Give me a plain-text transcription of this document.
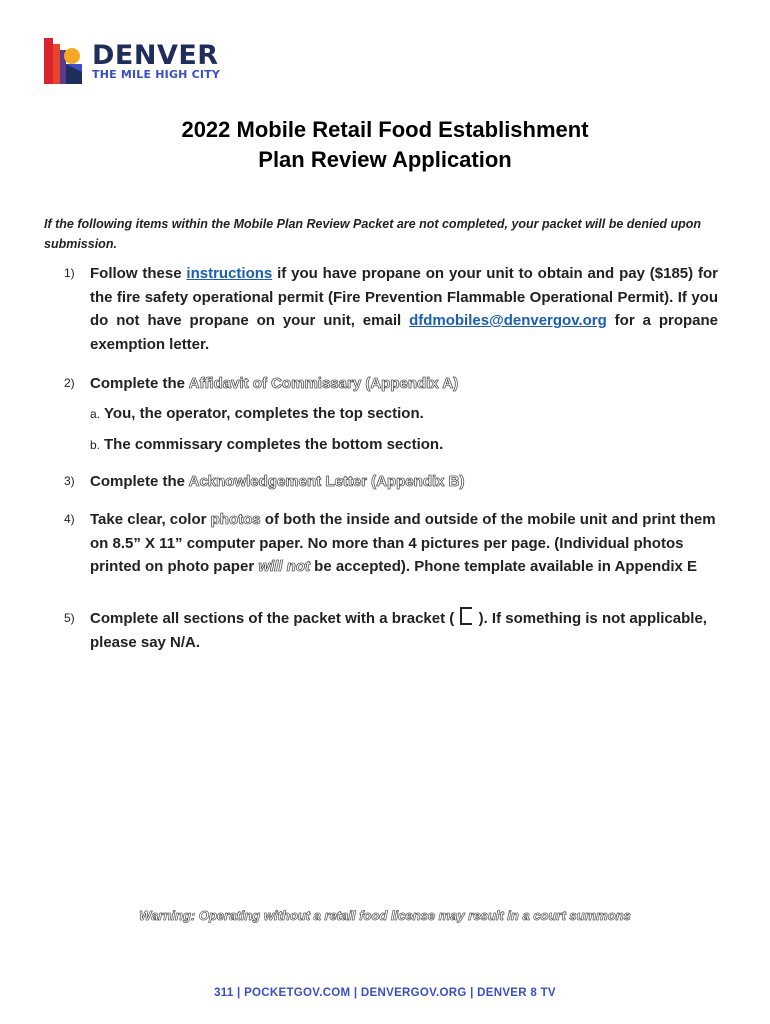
DENVER
THE MILE HIGH CITY
2022 Mobile Retail Food Establishment
Plan Review Application
If the following items within the Mobile Plan Review Packet are not completed, your packet will be denied upon submission.
1) Follow these instructions if you have propane on your unit to obtain and pay ($185) for the fire safety operational permit (Fire Prevention Flammable Operational Permit). If you do not have propane on your unit, email dfdmobiles@denvergov.org for a propane exemption letter.
2) Complete the Affidavit of Commissary (Appendix A)
a. You, the operator, completes the top section.
b. The commissary completes the bottom section.
3) Complete the Acknowledgement Letter (Appendix B)
4) Take clear, color photos of both the inside and outside of the mobile unit and print them on 8.5” X 11” computer paper. No more than 4 pictures per page. (Individual photos printed on photo paper will not be accepted). Phone template available in Appendix E
5) Complete all sections of the packet with a bracket (  ). If something is not applicable, please say N/A.
Warning: Operating without a retail food license may result in a court summons
311 | POCKETGOV.COM | DENVERGOV.ORG | DENVER 8 TV
